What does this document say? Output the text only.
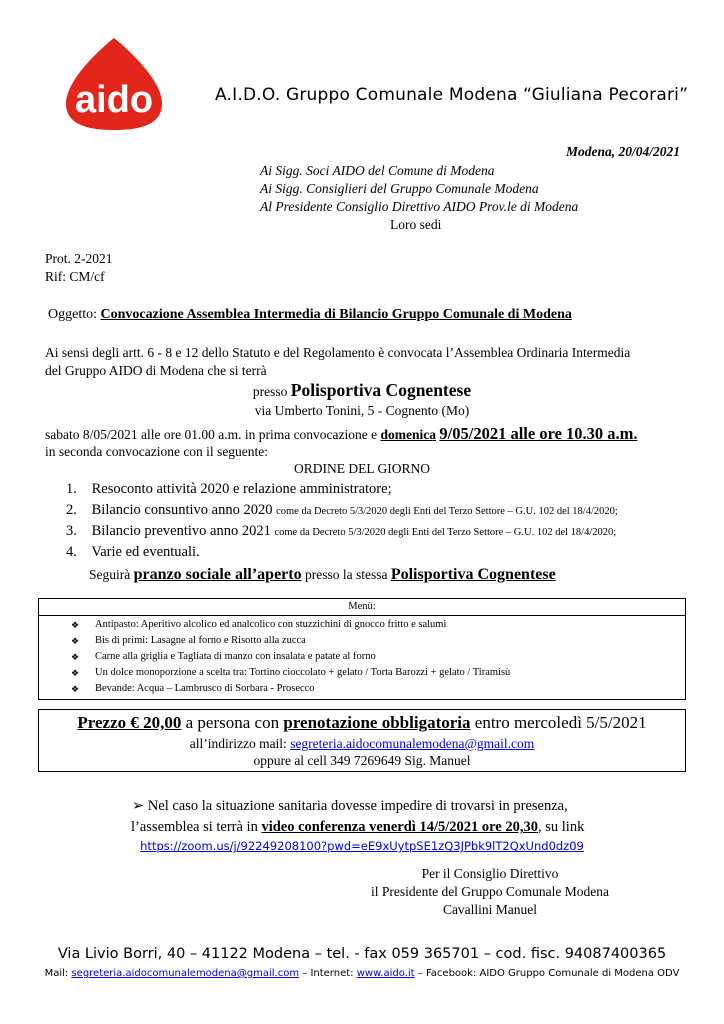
aido	A.I.D.O. Gruppo Comunale Modena “Giuliana Pecorari”
Modena, 20/04/2021
Ai Sigg. Soci AIDO del Comune di Modena
Ai Sigg. Consiglieri del Gruppo Comunale Modena
Al Presidente Consiglio Direttivo AIDO Prov.le di Modena
Loro sedi
Prot. 2-2021
Rif: CM/cf
Oggetto: Convocazione Assemblea Intermedia di Bilancio Gruppo Comunale di Modena
Ai sensi degli artt. 6 - 8 e 12 dello Statuto e del Regolamento è convocata l’Assemblea Ordinaria Intermedia
del Gruppo AIDO di Modena che si terrà
presso Polisportiva Cognentese
via Umberto Tonini, 5 - Cognento (Mo)
sabato 8/05/2021 alle ore 01.00 a.m. in prima convocazione e domenica 9/05/2021 alle ore 10.30 a.m.
in seconda convocazione con il seguente:
ORDINE DEL GIORNO
1. Resoconto attività 2020 e relazione amministratore;
2. Bilancio consuntivo anno 2020 come da Decreto 5/3/2020 degli Enti del Terzo Settore – G.U. 102 del 18/4/2020;
3. Bilancio preventivo anno 2021 come da Decreto 5/3/2020 degli Enti del Terzo Settore – G.U. 102 del 18/4/2020;
4. Varie ed eventuali.
Seguirà pranzo sociale all’aperto presso la stessa Polisportiva Cognentese
Menù:
❖ Antipasto: Aperitivo alcolico ed analcolico con stuzzichini di gnocco fritto e salumi
❖ Bis di primi: Lasagne al forno e Risotto alla zucca
❖ Carne alla griglia e Tagliata di manzo con insalata e patate al forno
❖ Un dolce monoporzione a scelta tra: Tortino cioccolato + gelato / Torta Barozzi + gelato / Tiramisù
❖ Bevande: Acqua – Lambrusco di Sorbara - Prosecco
Prezzo € 20,00 a persona con prenotazione obbligatoria entro mercoledì 5/5/2021
all’indirizzo mail: segreteria.aidocomunalemodena@gmail.com
oppure al cell 349 7269649 Sig. Manuel
➢ Nel caso la situazione sanitaria dovesse impedire di trovarsi in presenza,
l’assemblea si terrà in video conferenza venerdì 14/5/2021 ore 20,30, su link
https://zoom.us/j/92249208100?pwd=eE9xUytpSE1zQ3JPbk9lT2QxUnd0dz09
Per il Consiglio Direttivo
il Presidente del Gruppo Comunale Modena
Cavallini Manuel
Via Livio Borri, 40 – 41122 Modena – tel. - fax 059 365701 – cod. fisc. 94087400365
Mail: segreteria.aidocomunalemodena@gmail.com – Internet: www.aido.it – Facebook: AIDO Gruppo Comunale di Modena ODV
